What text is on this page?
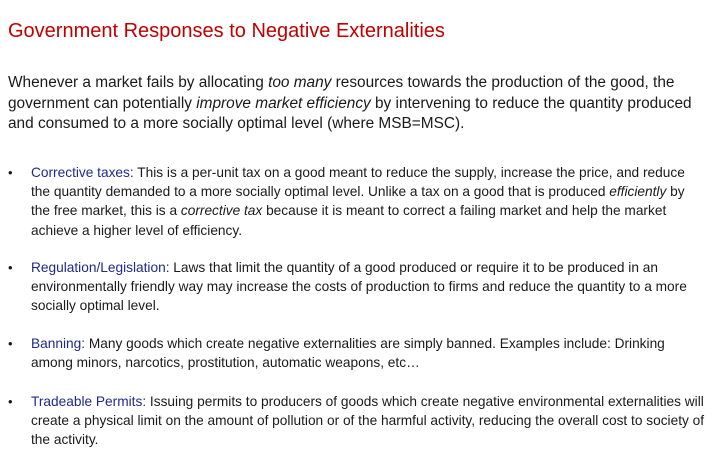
Government Responses to Negative Externalities

Whenever a market fails by allocating too many resources towards the production of the good, the government can potentially improve market efficiency by intervening to reduce the quantity produced and consumed to a more socially optimal level (where MSB=MSC).

• Corrective taxes: This is a per-unit tax on a good meant to reduce the supply, increase the price, and reduce the quantity demanded to a more socially optimal level. Unlike a tax on a good that is produced efficiently by the free market, this is a corrective tax because it is meant to correct a failing market and help the market achieve a higher level of efficiency.
• Regulation/Legislation: Laws that limit the quantity of a good produced or require it to be produced in an environmentally friendly way may increase the costs of production to firms and reduce the quantity to a more socially optimal level.
• Banning: Many goods which create negative externalities are simply banned. Examples include: Drinking among minors, narcotics, prostitution, automatic weapons, etc…
• Tradeable Permits: Issuing permits to producers of goods which create negative environmental externalities will create a physical limit on the amount of pollution or of the harmful activity, reducing the overall cost to society of the activity.
